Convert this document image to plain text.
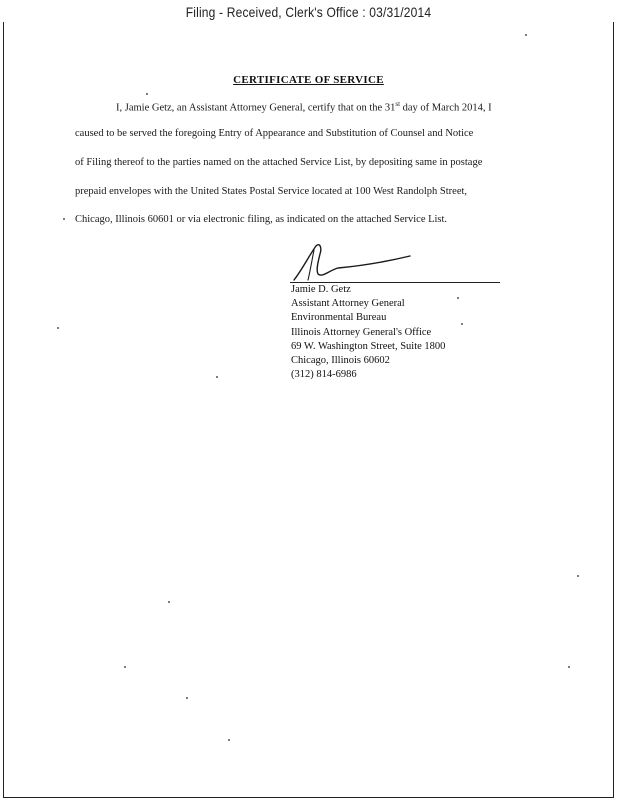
Filing - Received, Clerk's Office : 03/31/2014
CERTIFICATE OF SERVICE
I, Jamie Getz, an Assistant Attorney General, certify that on the 31st day of March 2014, I
caused to be served the foregoing Entry of Appearance and Substitution of Counsel and Notice
of Filing thereof to the parties named on the attached Service List, by depositing same in postage
prepaid envelopes with the United States Postal Service located at 100 West Randolph Street,
Chicago, Illinois 60601 or via electronic filing, as indicated on the attached Service List.
Jamie D. Getz
Assistant Attorney General
Environmental Bureau
Illinois Attorney General's Office
69 W. Washington Street, Suite 1800
Chicago, Illinois 60602
(312) 814-6986
